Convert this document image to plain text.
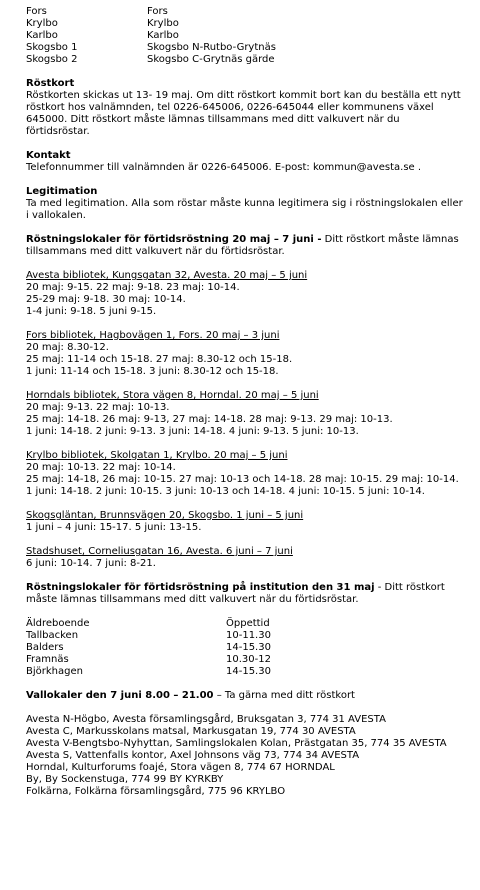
Fors	Fors
Krylbo	Krylbo
Karlbo	Karlbo
Skogsbo 1	Skogsbo N-Rutbo-Grytnäs
Skogsbo 2	Skogsbo C-Grytnäs gärde

Röstkort

Röstkorten skickas ut 13- 19 maj. Om ditt röstkort kommit bort kan du beställa ett nytt röstkort hos valnämnden, tel 0226-645006, 0226-645044 eller kommunens växel 645000. Ditt röstkort måste lämnas tillsammans med ditt valkuvert när du förtidsröstar.

Kontakt

Telefonnummer till valnämnden är 0226-645006. E-post: kommun@avesta.se .

Legitimation

Ta med legitimation. Alla som röstar måste kunna legitimera sig i röstningslokalen eller i vallokalen.

Röstningslokaler för förtidsröstning 20 maj – 7 juni - Ditt röstkort måste lämnas tillsammans med ditt valkuvert när du förtidsröstar.

Avesta bibliotek, Kungsgatan 32, Avesta. 20 maj – 5 juni
20 maj: 9-15. 22 maj: 9-18. 23 maj: 10-14.
25-29 maj: 9-18. 30 maj: 10-14.
1-4 juni: 9-18. 5 juni 9-15.
Fors bibliotek, Hagbovägen 1, Fors. 20 maj – 3 juni
20 maj: 8.30-12.
25 maj: 11-14 och 15-18. 27 maj: 8.30-12 och 15-18.
1 juni: 11-14 och 15-18. 3 juni: 8.30-12 och 15-18.
Horndals bibliotek, Stora vägen 8, Horndal. 20 maj – 5 juni
20 maj: 9-13. 22 maj: 10-13.
25 maj: 14-18. 26 maj: 9-13, 27 maj: 14-18. 28 maj: 9-13. 29 maj: 10-13.
1 juni: 14-18. 2 juni: 9-13. 3 juni: 14-18. 4 juni: 9-13. 5 juni: 10-13.
Krylbo bibliotek, Skolgatan 1, Krylbo. 20 maj – 5 juni
20 maj: 10-13. 22 maj: 10-14.
25 maj: 14-18, 26 maj: 10-15. 27 maj: 10-13 och 14-18. 28 maj: 10-15. 29 maj: 10-14.
1 juni: 14-18. 2 juni: 10-15. 3 juni: 10-13 och 14-18. 4 juni: 10-15. 5 juni: 10-14.
Skogsgläntan, Brunnsvägen 20, Skogsbo. 1 juni – 5 juni
1 juni – 4 juni: 15-17. 5 juni: 13-15.
Stadshuset, Corneliusgatan 16, Avesta. 6 juni – 7 juni
6 juni: 10-14. 7 juni: 8-21.

Röstningslokaler för förtidsröstning på institution den 31 maj - Ditt röstkort måste lämnas tillsammans med ditt valkuvert när du förtidsröstar.

Äldreboende	Öppettid
Tallbacken	10-11.30
Balders	14-15.30
Framnäs	10.30-12
Björkhagen	14-15.30

Vallokaler den 7 juni 8.00 – 21.00 – Ta gärna med ditt röstkort

Avesta N-Högbo, Avesta församlingsgård, Bruksgatan 3, 774 31 AVESTA
Avesta C, Markusskolans matsal, Markusgatan 19, 774 30 AVESTA
Avesta V-Bengtsbo-Nyhyttan, Samlingslokalen Kolan, Prästgatan 35, 774 35 AVESTA
Avesta S, Vattenfalls kontor, Axel Johnsons väg 73, 774 34 AVESTA
Horndal, Kulturforums foajé, Stora vägen 8, 774 67 HORNDAL
By, By Sockenstuga, 774 99 BY KYRKBY
Folkärna, Folkärna församlingsgård, 775 96 KRYLBO
